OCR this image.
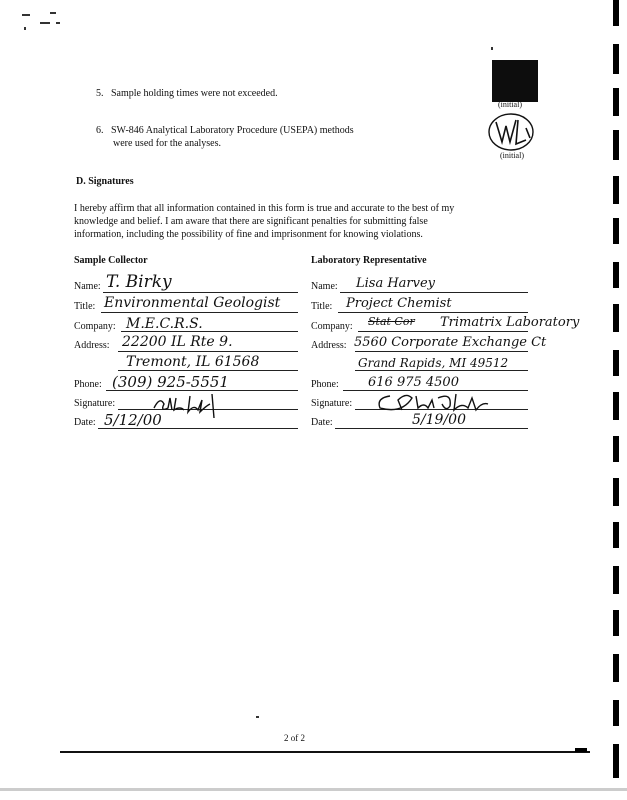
5. Sample holding times were not exceeded.
6. SW-846 Analytical Laboratory Procedure (USEPA) methods
were used for the analyses.
(initial)
(initial)
D. Signatures
I hereby affirm that all information contained in this form is true and accurate to the best of my
knowledge and belief. I am aware that there are significant penalties for submitting false
information, including the possibility of fine and imprisonment for knowing violations.
Sample Collector	Laboratory Representative
Name: T. Birky
Title: Environmental Geologist
Company: M.E.C.R.S.
Address: 22200 IL Rte 9.
Tremont, IL 61568
Phone: (309) 925-5551
Signature:
Date: 5/12/00
Name: Lisa Harvey
Title: Project Chemist
Company: Stat Cor Trimatrix Laboratory
Address: 5560 Corporate Exchange Ct
Grand Rapids, MI 49512
Phone: 616 975 4500
Signature:
Date:	5/19/00
2 of 2
